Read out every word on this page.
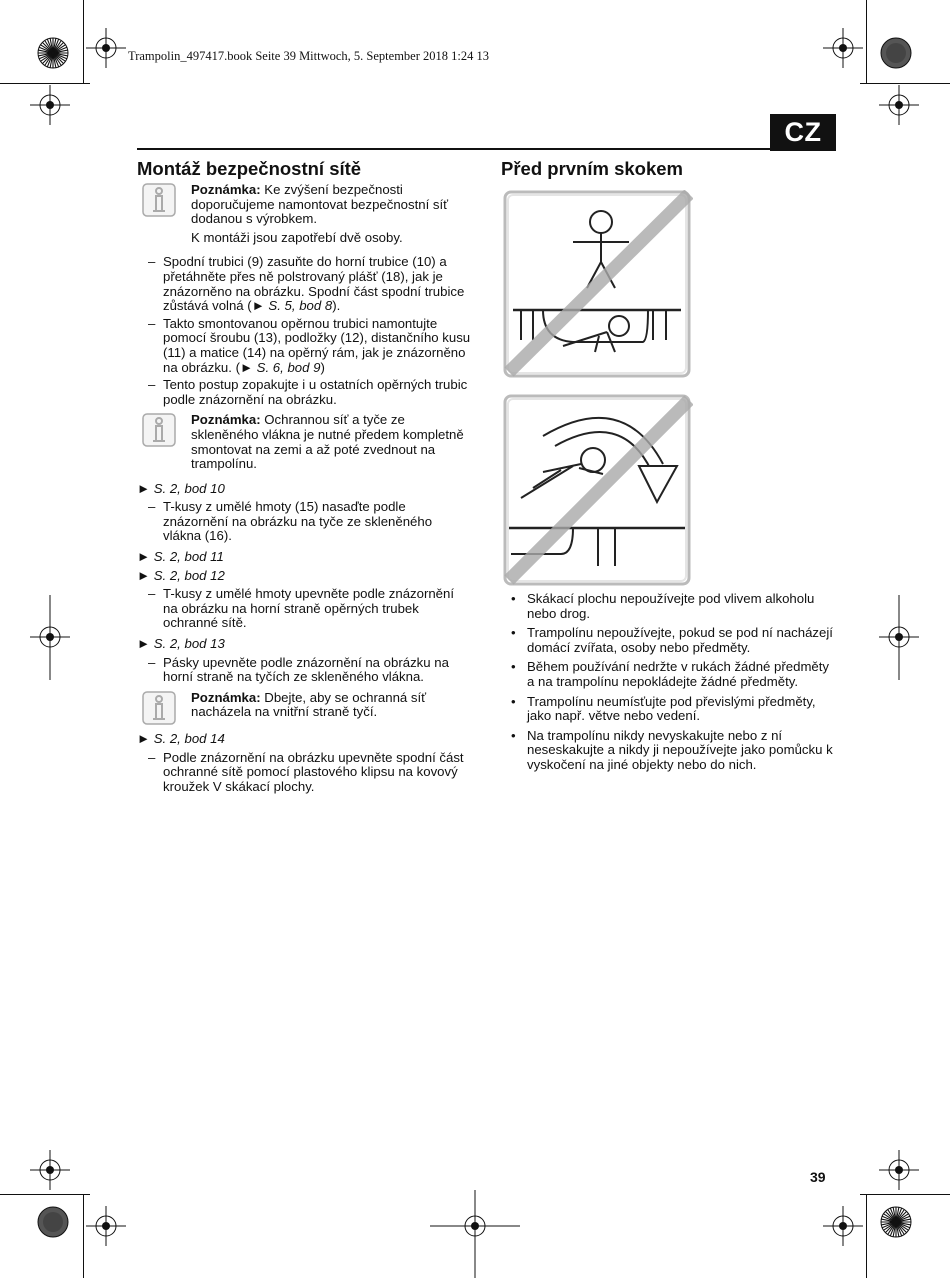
Trampolin_497417.book Seite 39 Mittwoch, 5. September 2018 1:24 13
CZ
Montáž bezpečnostní sítě

Poznámka: Ke zvýšení bezpečnosti doporučujeme namontovat bezpečnostní síť dodanou s výrobkem.

K montáži jsou zapotřebí dvě osoby.

– Spodní trubici (9) zasuňte do horní trubice (10) a přetáhněte přes ně polstrovaný plášť (18), jak je znázorněno na obrázku. Spodní část spodní trubice zůstává volná (► S. 5, bod 8).
– Takto smontovanou opěrnou trubici namontujte pomocí šroubu (13), podložky (12), distančního kusu (11) a matice (14) na opěrný rám, jak je znázorněno na obrázku. (► S. 6, bod 9)
– Tento postup zopakujte i u ostatních opěrných trubic podle znázornění na obrázku.

Poznámka: Ochrannou síť a tyče ze skleněného vlákna je nutné předem kompletně smontovat na zemi a až poté zvednout na trampolínu.

► S. 2, bod 10

– T-kusy z umělé hmoty (15) nasaďte podle znázornění na obrázku na tyče ze skleněného vlákna (16).

► S. 2, bod 11

► S. 2, bod 12

– T-kusy z umělé hmoty upevněte podle znázornění na obrázku na horní straně opěrných trubek ochranné sítě.

► S. 2, bod 13

– Pásky upevněte podle znázornění na obrázku na horní straně na tyčích ze skleněného vlákna.

Poznámka: Dbejte, aby se ochranná síť nacházela na vnitřní straně tyčí.

► S. 2, bod 14

– Podle znázornění na obrázku upevněte spodní část ochranné sítě pomocí plastového klipsu na kovový kroužek V skákací plochy.
Před prvním skokem
• Skákací plochu nepoužívejte pod vlivem alkoholu nebo drog.
• Trampolínu nepoužívejte, pokud se pod ní nacházejí domácí zvířata, osoby nebo předměty.
• Během používání nedržte v rukách žádné předměty a na trampolínu nepokládejte žádné předměty.
• Trampolínu neumísťujte pod převislými předměty, jako např. větve nebo vedení.
• Na trampolínu nikdy nevyskakujte nebo z ní neseskakujte a nikdy ji nepoužívejte jako pomůcku k vyskočení na jiné objekty nebo do nich.
39
